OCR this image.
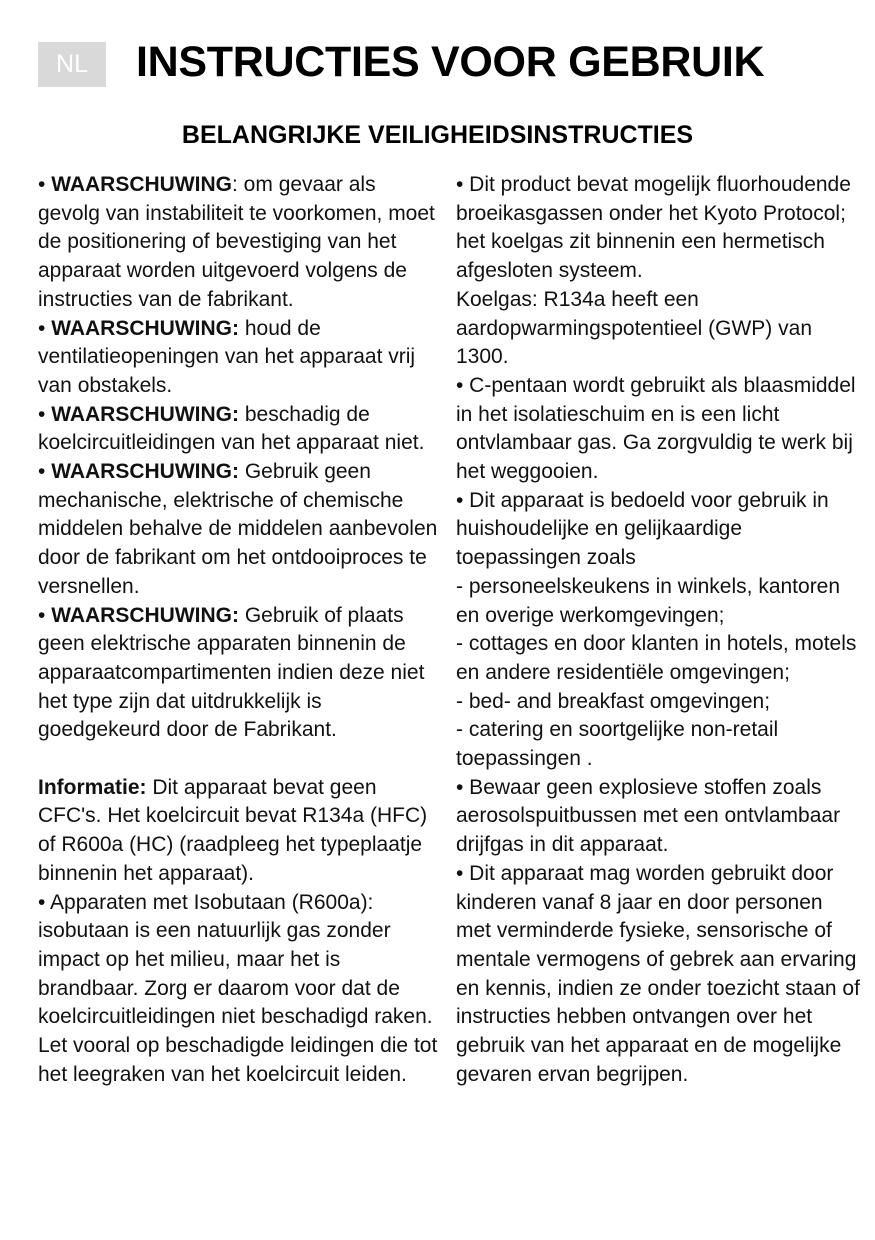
NL	INSTRUCTIES VOOR GEBRUIK
BELANGRIJKE VEILIGHEIDSINSTRUCTIES

• WAARSCHUWING: om gevaar als gevolg van instabiliteit te voorkomen, moet de positionering of bevestiging van het apparaat worden uitgevoerd volgens de instructies van de fabrikant.

• WAARSCHUWING: houd de ventilatieopeningen van het apparaat vrij van obstakels.

• WAARSCHUWING: beschadig de koelcircuitleidingen van het apparaat niet.

• WAARSCHUWING: Gebruik geen mechanische, elektrische of chemische middelen behalve de middelen aanbevolen door de fabrikant om het ontdooiproces te versnellen.

• WAARSCHUWING: Gebruik of plaats geen elektrische apparaten binnenin de apparaatcompartimenten indien deze niet het type zijn dat uitdrukkelijk is goedgekeurd door de Fabrikant.

Informatie: Dit apparaat bevat geen CFC's. Het koelcircuit bevat R134a (HFC) of R600a (HC) (raadpleeg het typeplaatje binnenin het apparaat).

• Apparaten met Isobutaan (R600a): isobutaan is een natuurlijk gas zonder impact op het milieu, maar het is brandbaar. Zorg er daarom voor dat de koelcircuitleidingen niet beschadigd raken. Let vooral op beschadigde leidingen die tot het leegraken van het koelcircuit leiden.

• Dit product bevat mogelijk fluorhoudende broeikasgassen onder het Kyoto Protocol; het koelgas zit binnenin een hermetisch afgesloten systeem.

Koelgas: R134a heeft een aardopwarmingspotentieel (GWP) van 1300.

• C-pentaan wordt gebruikt als blaasmiddel in het isolatieschuim en is een licht ontvlambaar gas. Ga zorgvuldig te werk bij het weggooien.

• Dit apparaat is bedoeld voor gebruik in huishoudelijke en gelijkaardige toepassingen zoals

- personeelskeukens in winkels, kantoren en overige werkomgevingen;

- cottages en door klanten in hotels, motels en andere residentiële omgevingen;

- bed- and breakfast omgevingen;

- catering en soortgelijke non-retail toepassingen .

• Bewaar geen explosieve stoffen zoals aerosolspuitbussen met een ontvlambaar drijfgas in dit apparaat.

• Dit apparaat mag worden gebruikt door kinderen vanaf 8 jaar en door personen met verminderde fysieke, sensorische of mentale vermogens of gebrek aan ervaring en kennis, indien ze onder toezicht staan of instructies hebben ontvangen over het gebruik van het apparaat en de mogelijke gevaren ervan begrijpen.
